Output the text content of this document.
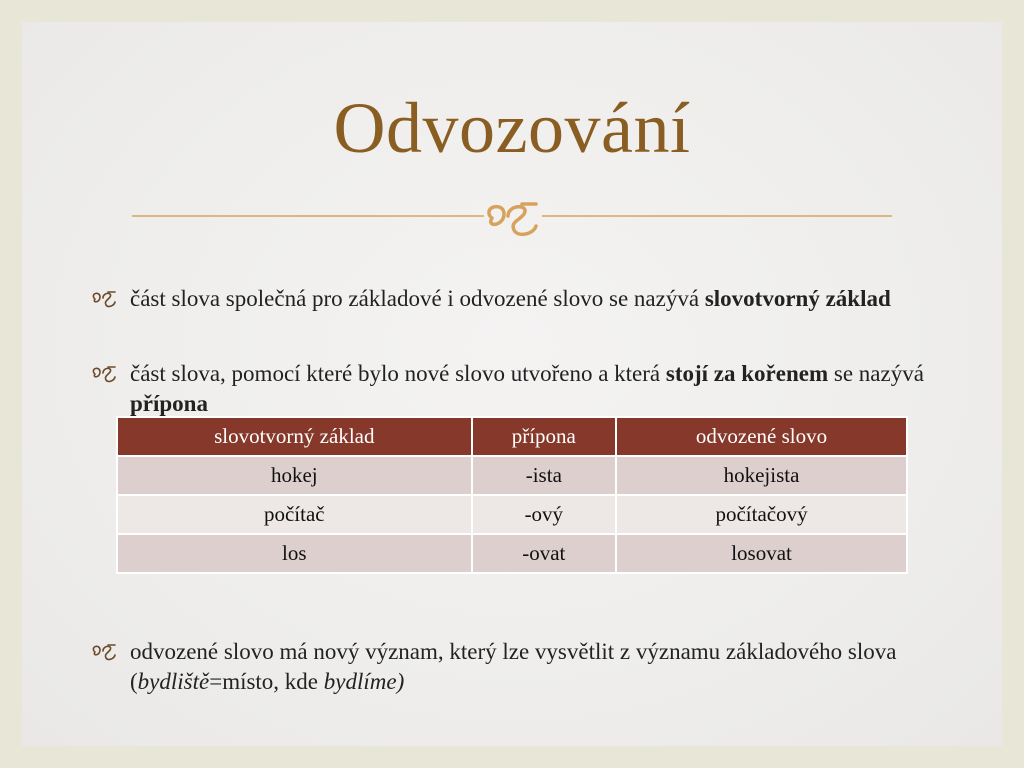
Odvozování
část slova společná pro základové i odvozené slovo se nazývá slovotvorný základ
část slova, pomocí které bylo nové slovo utvořeno a která stojí za kořenem se nazývá přípona
slovotvorný základ	přípona	odvozené slovo
hokej	-ista	hokejista
počítač	-ový	počítačový
los	-ovat	losovat
odvozené slovo má nový význam, který lze vysvětlit z významu základového slova (bydliště=místo, kde bydlíme)
